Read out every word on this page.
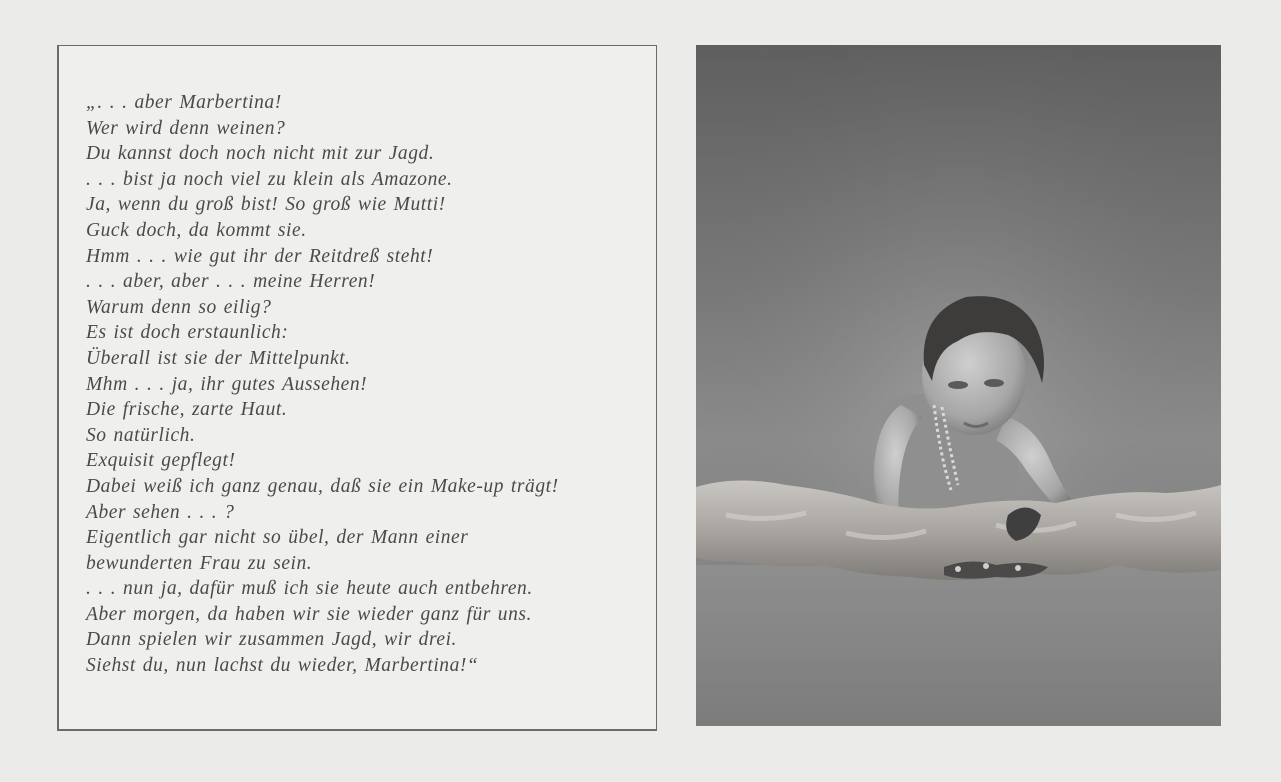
„. . . aber Marbertina!
Wer wird denn weinen?
Du kannst doch noch nicht mit zur Jagd.
. . . bist ja noch viel zu klein als Amazone.
Ja, wenn du groß bist! So groß wie Mutti!
Guck doch, da kommt sie.
Hmm . . . wie gut ihr der Reitdreß steht!
. . . aber, aber . . . meine Herren!
Warum denn so eilig?
Es ist doch erstaunlich:
Überall ist sie der Mittelpunkt.
Mhm . . . ja, ihr gutes Aussehen!
Die frische, zarte Haut.
So natürlich.
Exquisit gepflegt!
Dabei weiß ich ganz genau, daß sie ein Make-up trägt!
Aber sehen . . . ?
Eigentlich gar nicht so übel, der Mann einer
bewunderten Frau zu sein.
. . . nun ja, dafür muß ich sie heute auch entbehren.
Aber morgen, da haben wir sie wieder ganz für uns.
Dann spielen wir zusammen Jagd, wir drei.
Siehst du, nun lachst du wieder, Marbertina!“
